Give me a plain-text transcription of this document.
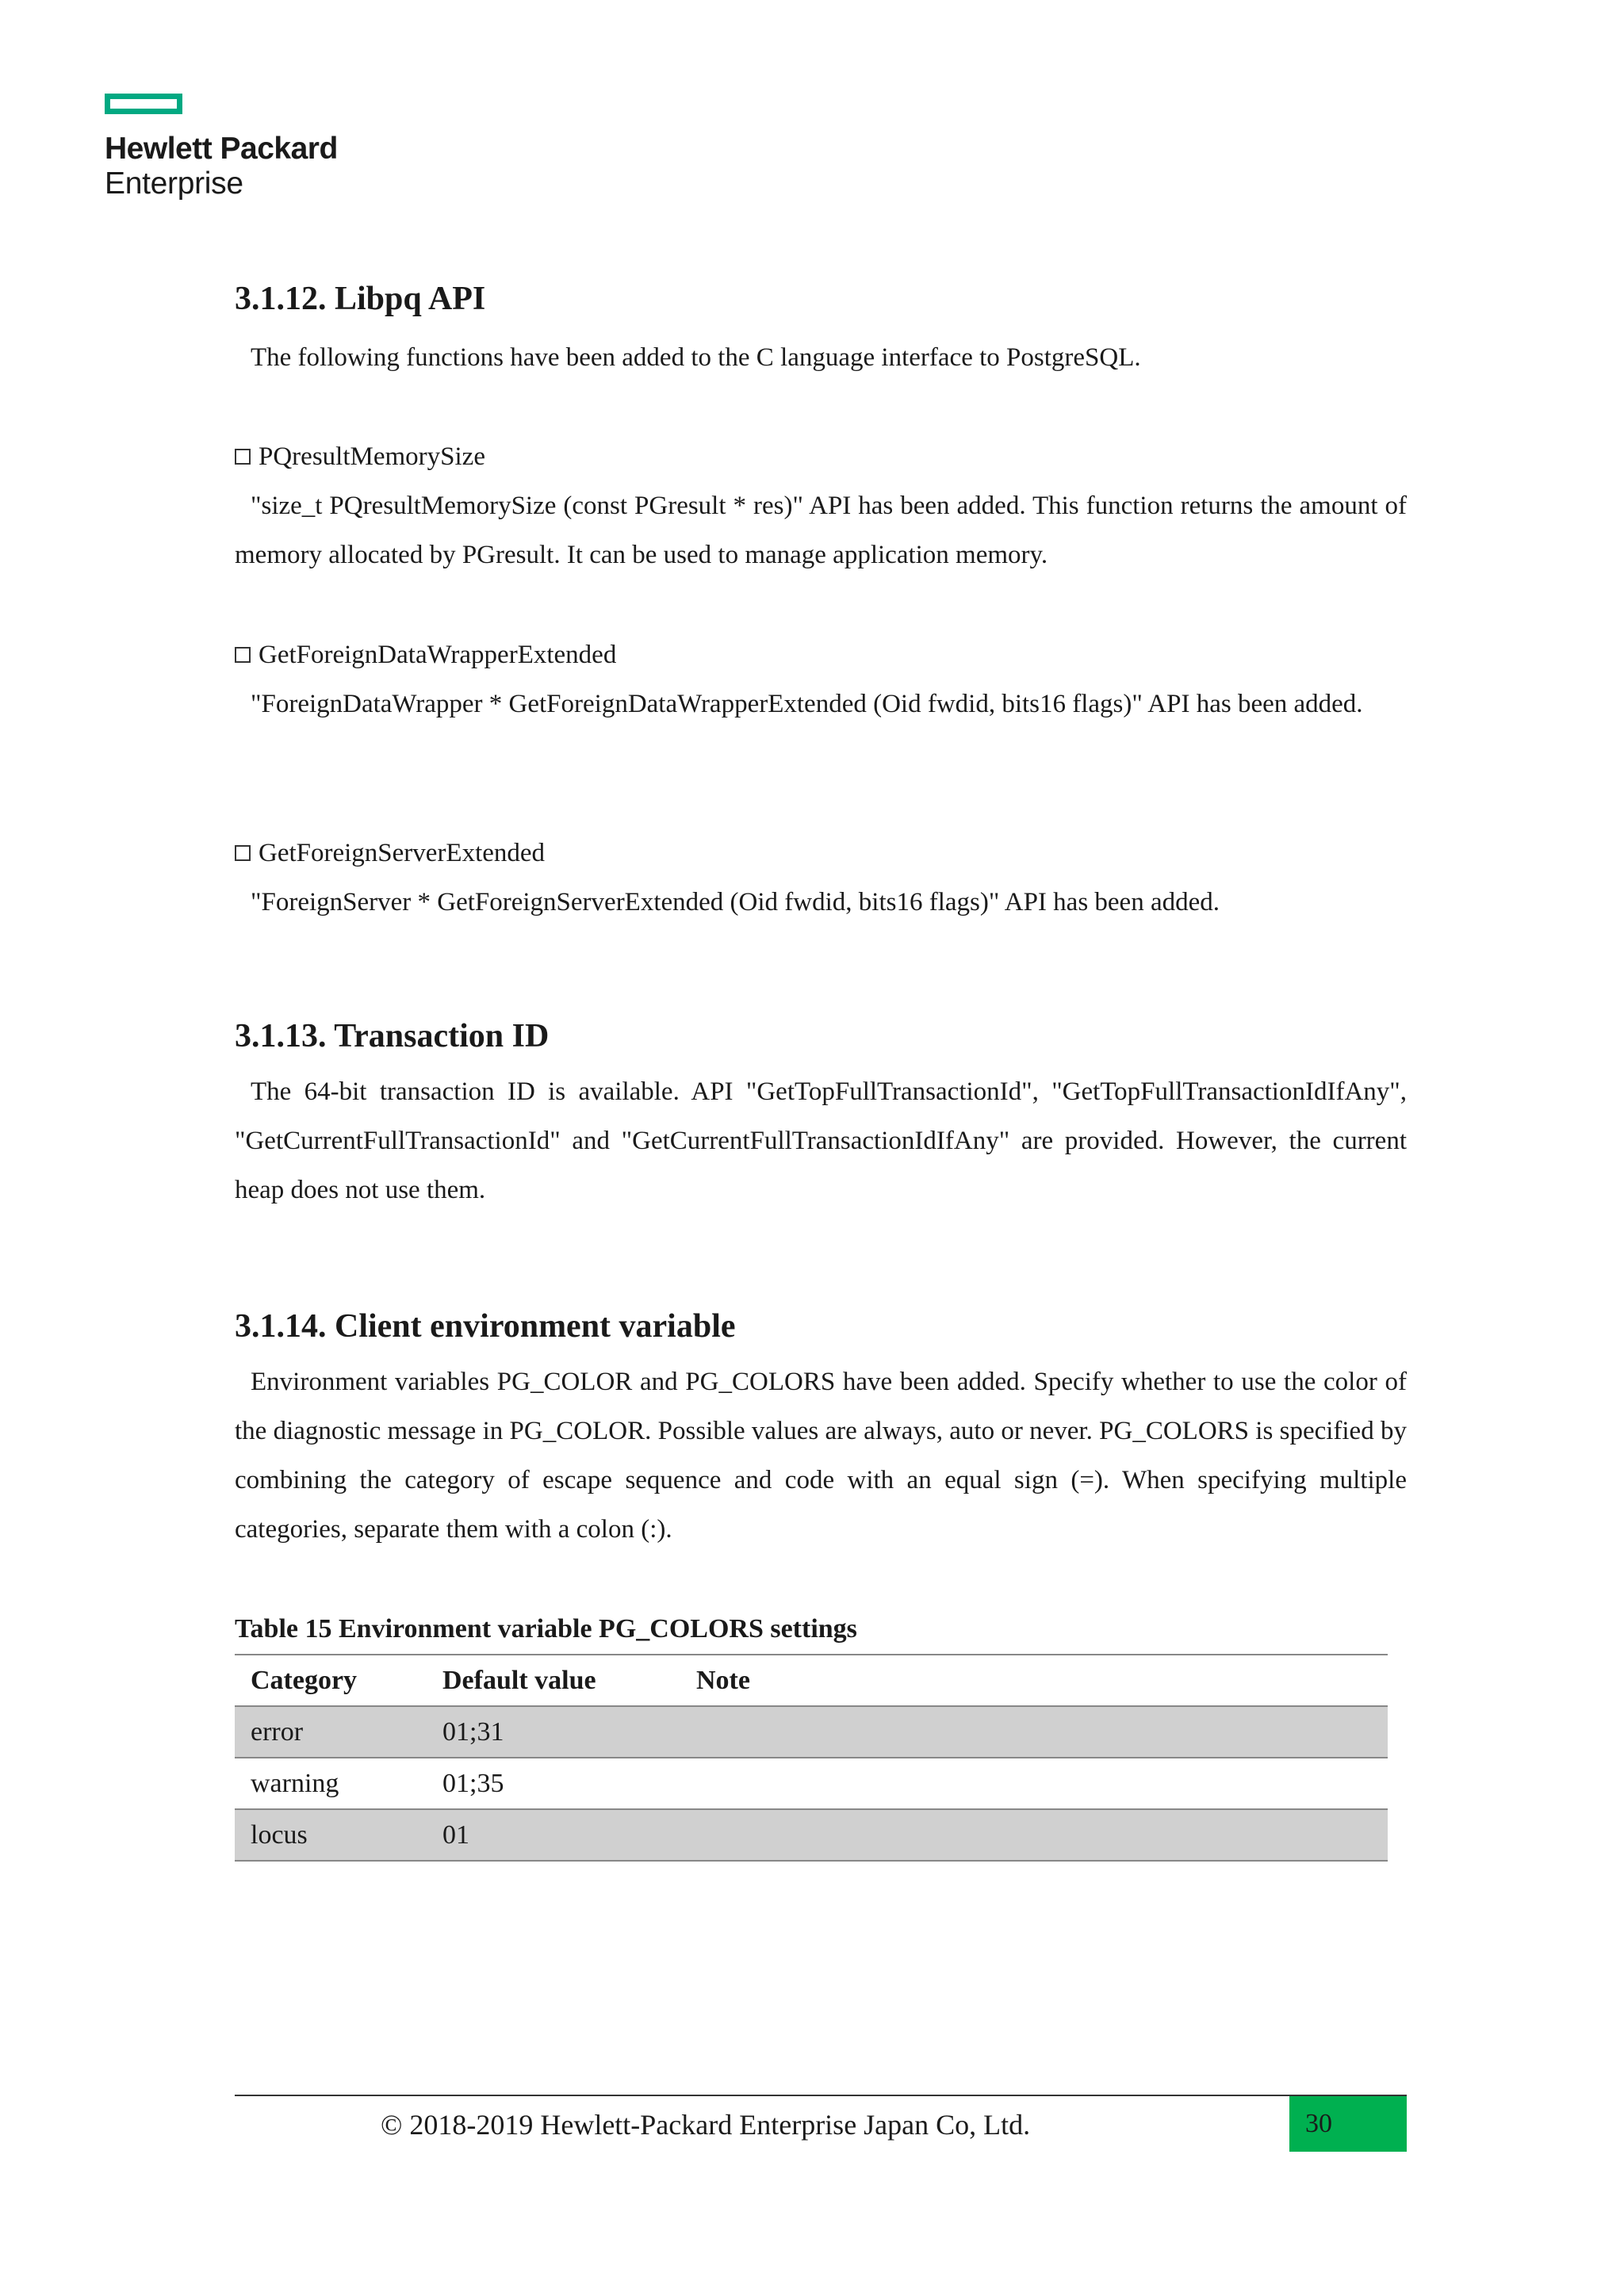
Hewlett Packard
Enterprise
3.1.12. Libpq API

The following functions have been added to the C language interface to PostgreSQL.

PQresultMemorySize

"size_t PQresultMemorySize (const PGresult * res)" API has been added. This function returns the amount of memory allocated by PGresult. It can be used to manage application memory.

GetForeignDataWrapperExtended

"ForeignDataWrapper * GetForeignDataWrapperExtended (Oid fwdid, bits16 flags)" API has been added.

GetForeignServerExtended

"ForeignServer * GetForeignServerExtended (Oid fwdid, bits16 flags)" API has been added.

3.1.13. Transaction ID

The 64-bit transaction ID is available. API "GetTopFullTransactionId", "GetTopFullTransactionIdIfAny", "GetCurrentFullTransactionId" and "GetCurrentFullTransactionIdIfAny" are provided. However, the current heap does not use them.

3.1.14. Client environment variable

Environment variables PG_COLOR and PG_COLORS have been added. Specify whether to use the color of the diagnostic message in PG_COLOR. Possible values are always, auto or never. PG_COLORS is specified by combining the category of escape sequence and code with an equal sign (=). When specifying multiple categories, separate them with a colon (:).

Table 15 Environment variable PG_COLORS settings
Category	Default value	Note
error	01;31	
warning	01;35	
locus	01	
© 2018-2019 Hewlett-Packard Enterprise Japan Co, Ltd.	30
